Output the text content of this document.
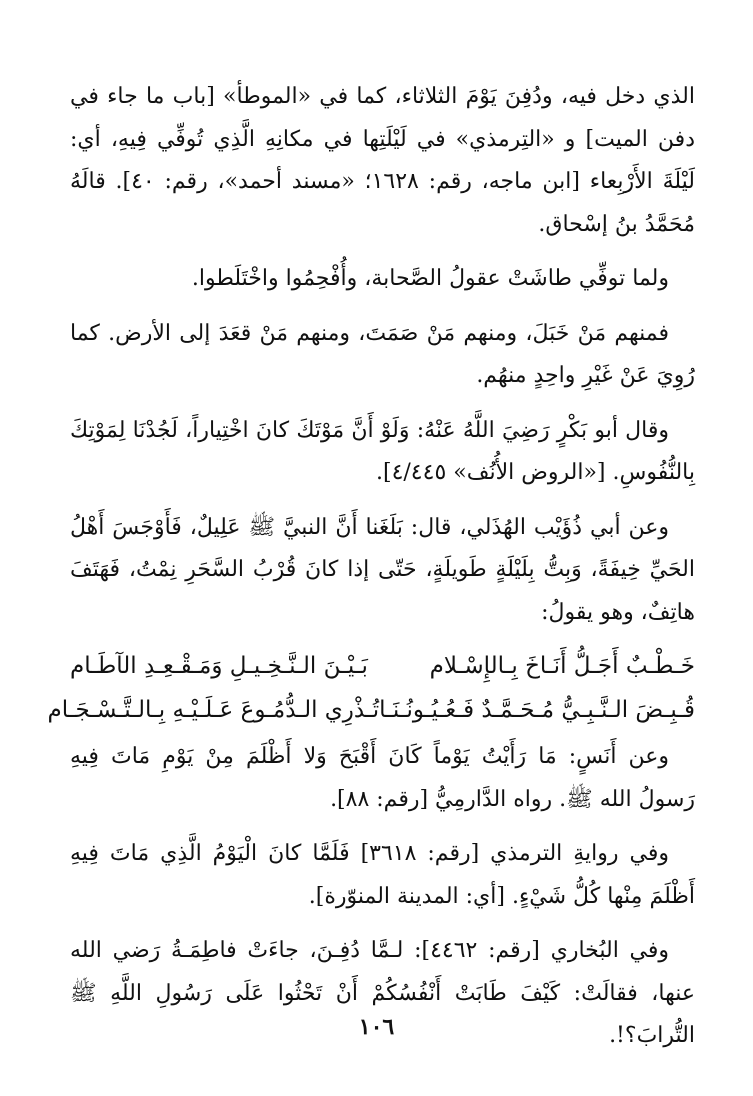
الذي دخل فيه، ودُفِنَ يَوْمَ الثلاثاء، كما في «الموطأ» [باب ما جاء في دفن الميت] و «التِرمذي» في لَيْلَتِها في مكانِهِ الَّذِي تُوفِّي فِيهِ، أي: لَيْلَةَ الأَرْبِعاء [ابن ماجه، رقم: ١٦٢٨؛ «مسند أحمد»، رقم: ٤٠]. قالَهُ مُحَمَّدُ بنُ إسْحاق.

ولما توفِّي طاشَتْ عقولُ الصَّحابة، وأُفْحِمُوا واخْتَلَطوا.

فمنهم مَنْ خَبَلَ، ومنهم مَنْ صَمَتَ، ومنهم مَنْ قعَدَ إلى الأرض. كما رُوِيَ عَنْ غَيْرِ واحِدٍ منهُم.

وقال أبو بَكْرٍ رَضِيَ اللَّهُ عَنْهُ: وَلَوْ أَنَّ مَوْتَكَ كانَ اخْتِياراً، لَجُدْنَا لِمَوْتِكَ بِالنُّفُوسِ. [«الروض الأُنُف» ٤/٤٤٥].

وعن أبي ذُؤَيْب الهُذَلي، قال: بَلَغَنا أَنَّ النبيَّ ﷺ عَلِيلٌ، فَأَوْجَسَ أَهْلُ الحَيِّ خِيفَةً، وَبِتُّ بِلَيْلَةٍ طَويلَةٍ، حَتّى إذا كانَ قُرْبُ السَّحَرِ نِمْتُ، فَهَتَفَ هاتِفٌ، وهو يقولُ:

خَـطْـبٌ أَجَـلُّ أَنَـاخَ بِـالإِسْـلام
بَـيْـنَ الـنَّـخِـيـلِ وَمَـقْـعِـدِ الآطَـام
قُـبِـضَ الـنَّـبِـيُّ مُـحَـمَّـدٌ فَـعُـيُـونُـنَـا
تُـذْرِي الـدُّمُـوعَ عَـلَـيْـهِ بِـالـتَّـسْـجَـام

وعن أَنَسٍ: مَا رَأَيْتُ يَوْماً كَانَ أَقْبَحَ وَلا أَظْلَمَ مِنْ يَوْمِ مَاتَ فِيهِ رَسولُ الله ﷺ. رواه الدَّارمِيُّ [رقم: ٨٨].

وفي روايةِ الترمذي [رقم: ٣٦١٨] فَلَمَّا كانَ الْيَوْمُ الَّذِي مَاتَ فِيهِ أَظْلَمَ مِنْها كُلُّ شَيْءٍ. [أي: المدينة المنوّرة].

وفي البُخاري [رقم: ٤٤٦٢]: لـمَّا دُفِـنَ، جاءَتْ فاطِمَـةُ رَضي الله عنها، فقالَتْ: كَيْفَ طَابَتْ أَنْفُسُكُمْ أَنْ تَحْثُوا عَلَى رَسُولِ اللَّهِ ﷺ التُّرابَ؟!.

١٠٦
